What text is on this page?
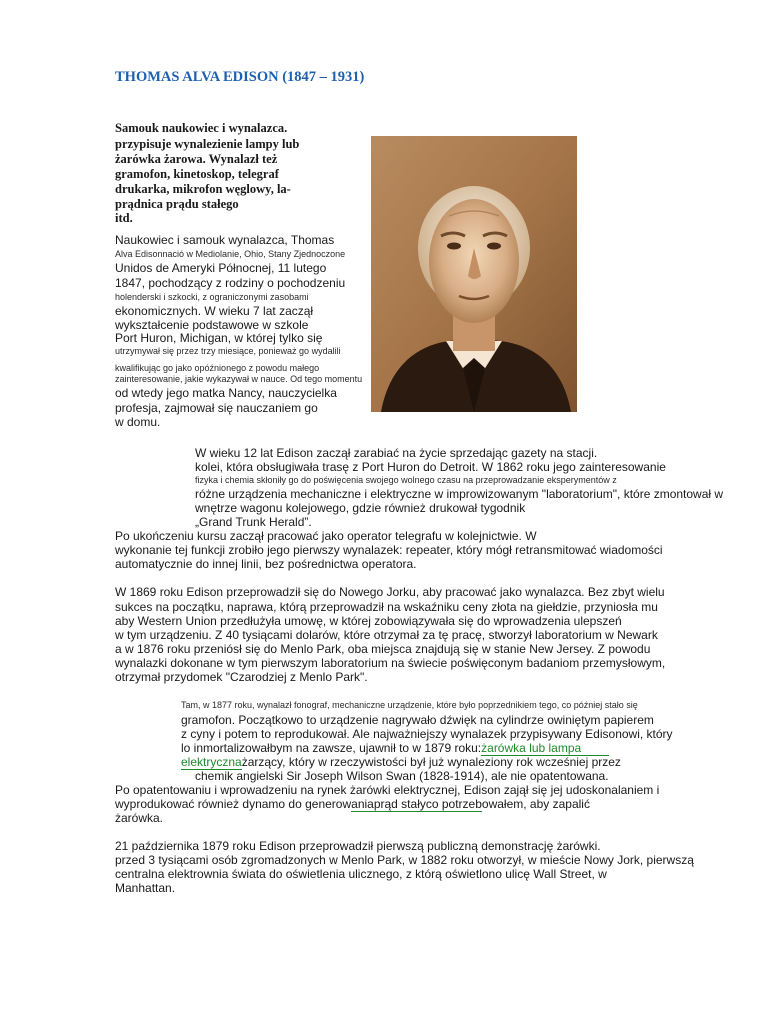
THOMAS ALVA EDISON (1847 – 1931)
Samouk naukowiec i wynalazca.
przypisuje wynalezienie lampy lub
żarówka żarowa. Wynalazł też
gramofon, kinetoskop, telegraf
drukarka, mikrofon węglowy, la-
prądnica prądu stałego
itd.
Naukowiec i samouk wynalazca, Thomas
Alva Edisonnació w Mediolanie, Ohio, Stany Zjednoczone
Unidos de Ameryki Północnej, 11 lutego
1847, pochodzący z rodziny o pochodzeniu
holenderski i szkocki, z ograniczonymi zasobami
ekonomicznych. W wieku 7 lat zaczął
wykształcenie podstawowe w szkole
Port Huron, Michigan, w której tylko się
utrzymywał się przez trzy miesiące, ponieważ go wydalili
kwalifikując go jako opóźnionego z powodu małego
zainteresowanie, jakie wykazywał w nauce. Od tego momentu
od wtedy jego matka Nancy, nauczycielka
profesja, zajmował się nauczaniem go
w domu.
W wieku 12 lat Edison zaczął zarabiać na życie sprzedając gazety na stacji.
kolei, która obsługiwała trasę z Port Huron do Detroit. W 1862 roku jego zainteresowanie
fizyka i chemia skłoniły go do poświęcenia swojego wolnego czasu na przeprowadzanie eksperymentów z
różne urządzenia mechaniczne i elektryczne w improwizowanym "laboratorium", które zmontował w
wnętrze wagonu kolejowego, gdzie również drukował tygodnik
„Grand Trunk Herald”.
Po ukończeniu kursu zaczął pracować jako operator telegrafu w kolejnictwie. W
wykonanie tej funkcji zrobiło jego pierwszy wynalazek: repeater, który mógł retransmitować wiadomości
automatycznie do innej linii, bez pośrednictwa operatora.
W 1869 roku Edison przeprowadził się do Nowego Jorku, aby pracować jako wynalazca. Bez zbyt wielu
sukces na początku, naprawa, którą przeprowadził na wskaźniku ceny złota na giełdzie, przyniosła mu
aby Western Union przedłużyła umowę, w której zobowiązywała się do wprowadzenia ulepszeń
w tym urządzeniu. Z 40 tysiącami dolarów, które otrzymał za tę pracę, stworzył laboratorium w Newark
a w 1876 roku przeniósł się do Menlo Park, oba miejsca znajdują się w stanie New Jersey. Z powodu
wynalazki dokonane w tym pierwszym laboratorium na świecie poświęconym badaniom przemysłowym,
otrzymał przydomek "Czarodziej z Menlo Park".
Tam, w 1877 roku, wynalazł fonograf, mechaniczne urządzenie, które było poprzednikiem tego, co później stało się
gramofon. Początkowo to urządzenie nagrywało dźwięk na cylindrze owiniętym papierem
z cyny i potem to reprodukował. Ale najważniejszy wynalazek przypisywany Edisonowi, który
lo inmortalizowałbym na zawsze, ujawnił to w 1879 roku:żarówka lub lampa
elektrycznażarzący, który w rzeczywistości był już wynaleziony rok wcześniej przez
chemik angielski Sir Joseph Wilson Swan (1828-1914), ale nie opatentowana.
Po opatentowaniu i wprowadzeniu na rynek żarówki elektrycznej, Edison zajął się jej udoskonalaniem i
wyprodukować również dynamo do generowaniaprąd stałyco potrzebowałem, aby zapalić
żarówka.
21 października 1879 roku Edison przeprowadził pierwszą publiczną demonstrację żarówki.
przed 3 tysiącami osób zgromadzonych w Menlo Park, w 1882 roku otworzył, w mieście Nowy Jork, pierwszą
centralna elektrownia świata do oświetlenia ulicznego, z którą oświetlono ulicę Wall Street, w
Manhattan.
